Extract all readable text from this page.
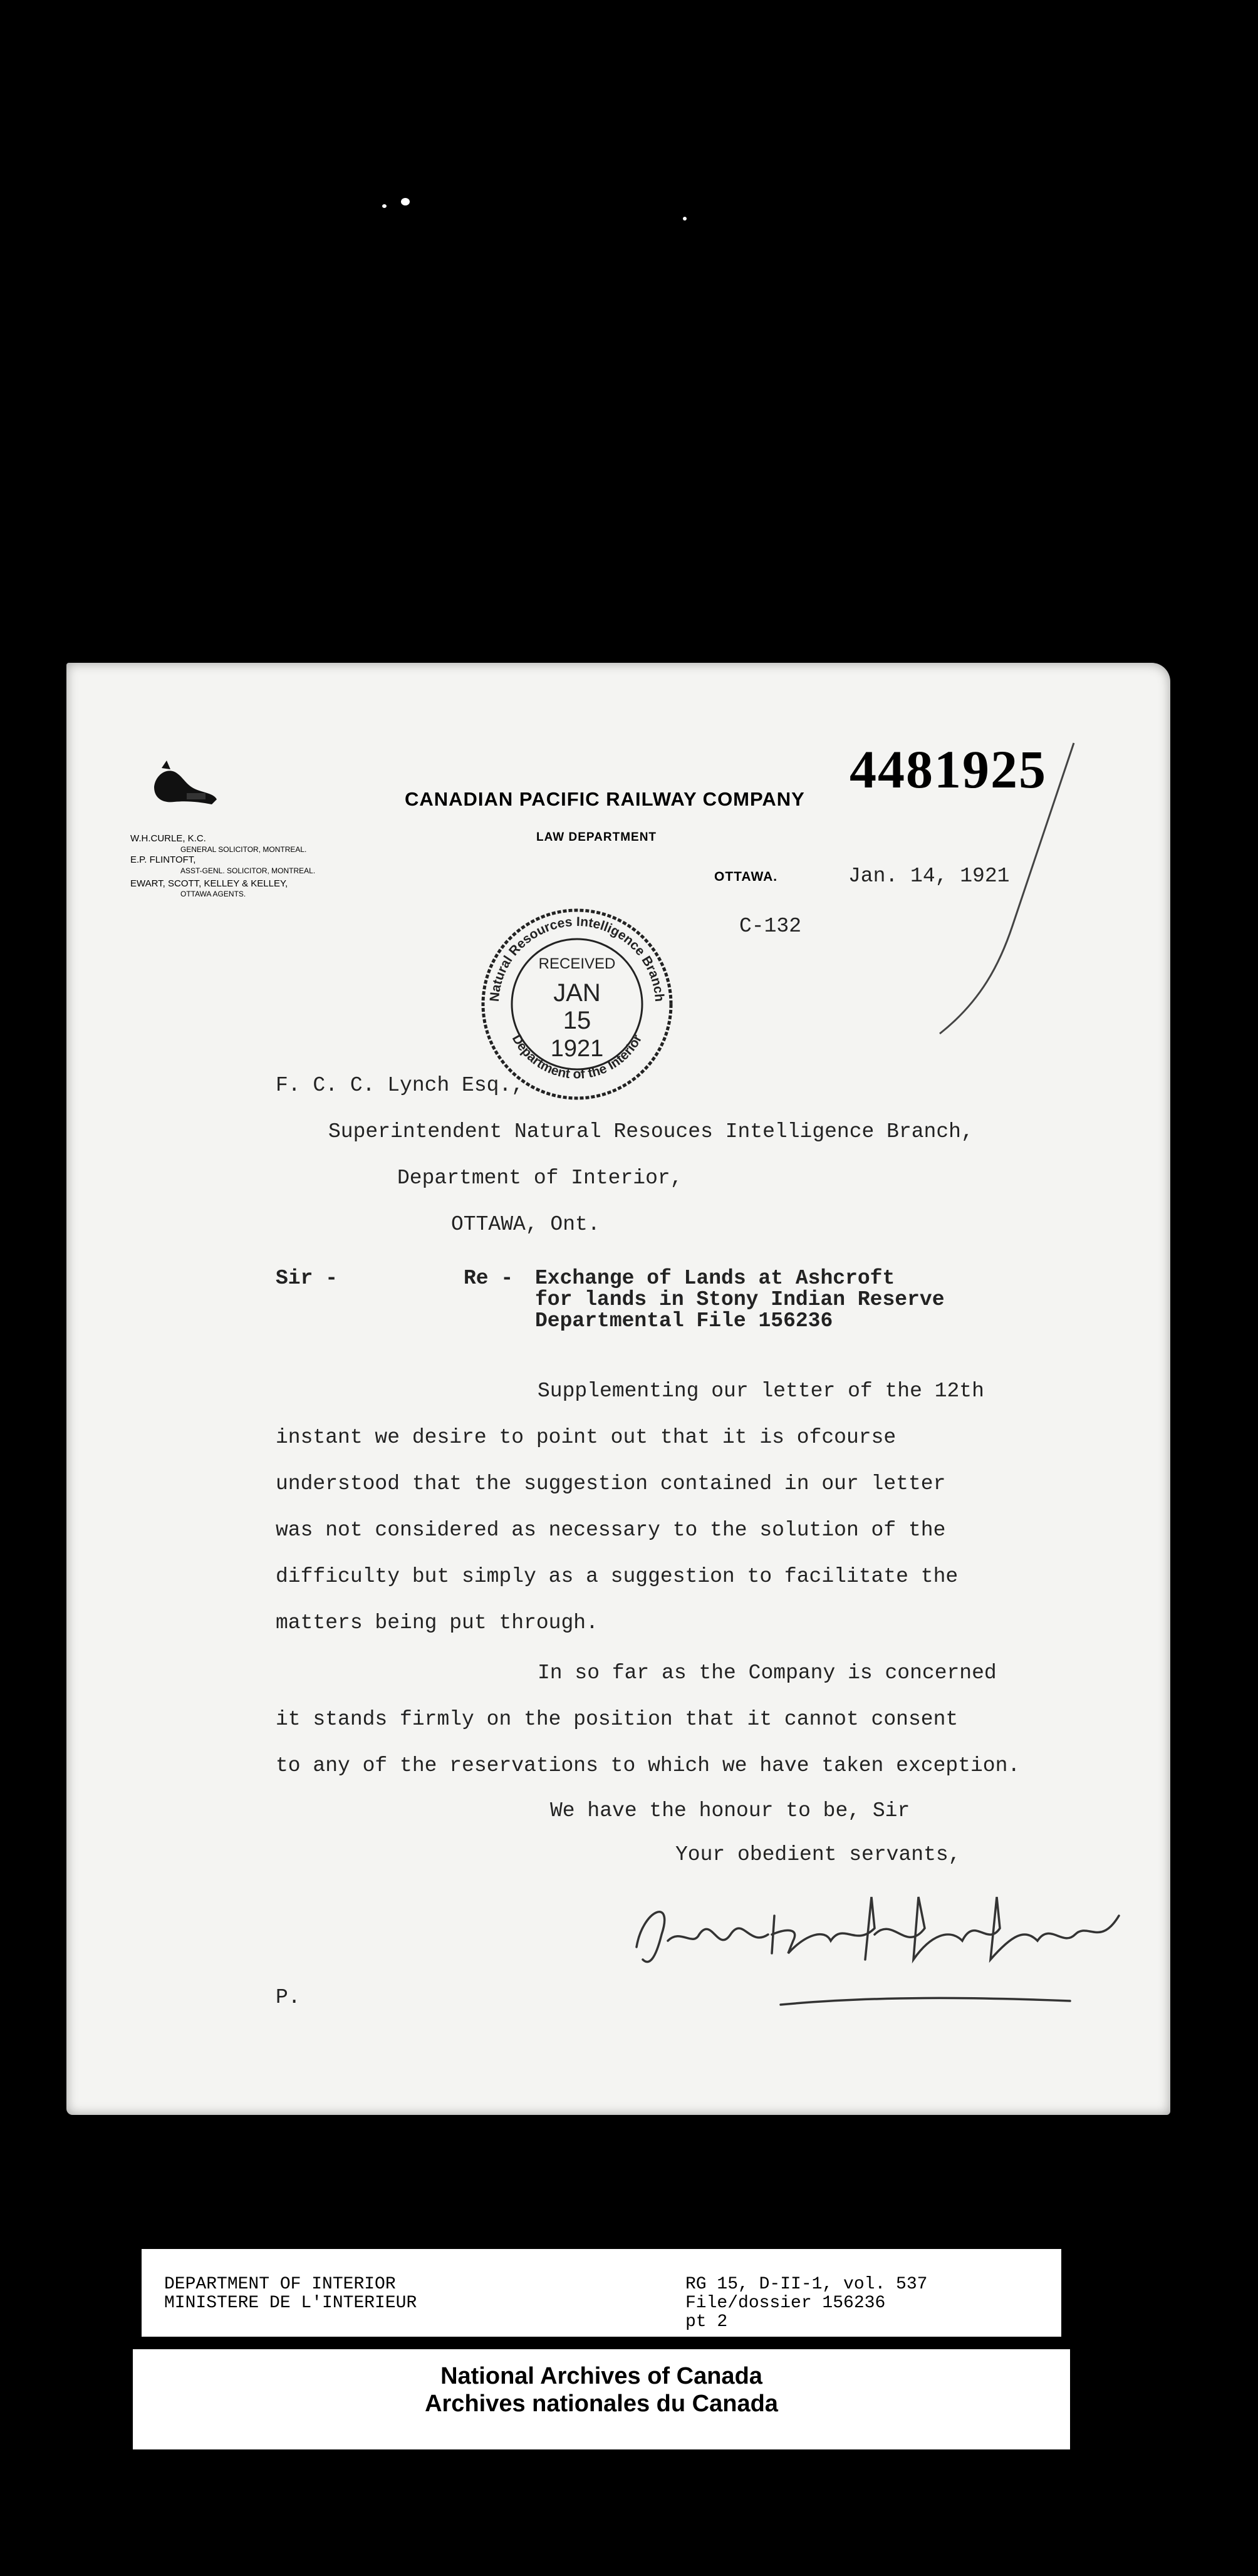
CANADIAN PACIFIC RAILWAY COMPANY
LAW DEPARTMENT
4481925
W.H.CURLE, K.C.
GENERAL SOLICITOR, MONTREAL.
E.P. FLINTOFT,
ASST-GENL. SOLICITOR, MONTREAL.
EWART, SCOTT, KELLEY & KELLEY,
OTTAWA AGENTS.
OTTAWA.	Jan. 14, 1921
C-132
Natural Resources Intelligence Branch
Department of the Interior
RECEIVED
JAN
15
1921
F. C. C. Lynch Esq.,
Superintendent Natural Resouces Intelligence Branch,
Department of Interior,
OTTAWA, Ont.
Sir -	Re - Exchange of Lands at Ashcroft
for lands in Stony Indian Reserve
Departmental File 156236
Supplementing our letter of the 12th
instant we desire to point out that it is ofcourse
understood that the suggestion contained in our letter
was not considered as necessary to the solution of the
difficulty but simply as a suggestion to facilitate the
matters being put through.
In so far as the Company is concerned
it stands firmly on the position that it cannot consent
to any of the reservations to which we have taken exception.
We have the honour to be, Sir
Your obedient servants,
P.
DEPARTMENT OF INTERIOR
MINISTERE DE L'INTERIEUR
RG 15, D-II-1, vol. 537
File/dossier 156236
pt 2
National Archives of Canada
Archives nationales du Canada
